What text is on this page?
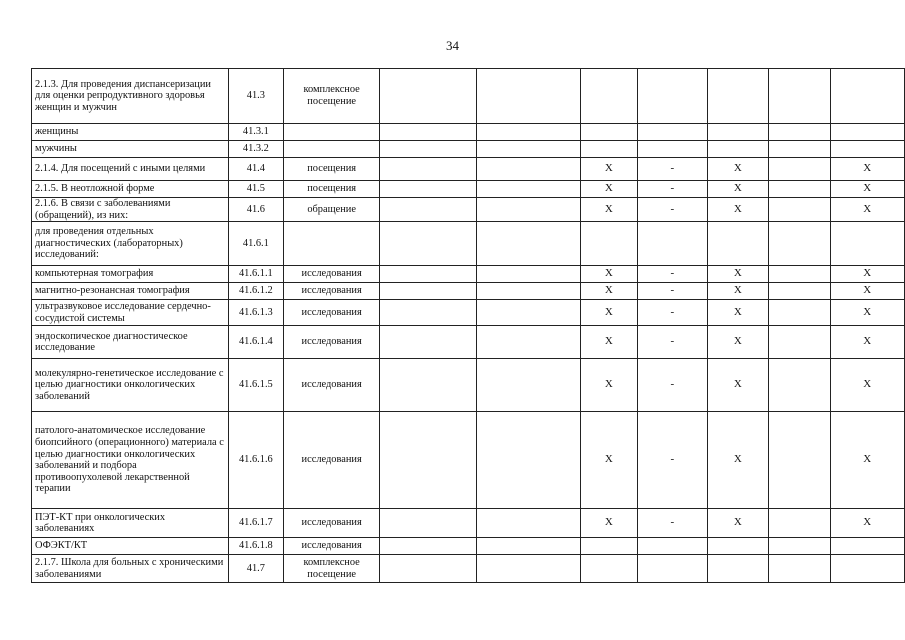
34
2.1.3. Для проведения диспансеризации для оценки репродуктивного здоровья женщин и мужчин	41.3	комплексное посещение							
женщины	41.3.1								
мужчины	41.3.2								
2.1.4. Для посещений с иными целями	41.4	посещения			X	-	X		X
2.1.5. В неотложной форме	41.5	посещения			X	-	X		X
2.1.6. В связи с заболеваниями (обращений), из них:	41.6	обращение			X	-	X		X
для проведения отдельных диагностических (лабораторных) исследований:	41.6.1								
компьютерная томография	41.6.1.1	исследования			X	-	X		X
магнитно-резонансная томография	41.6.1.2	исследования			X	-	X		X
ультразвуковое исследование сердечно-сосудистой системы	41.6.1.3	исследования			X	-	X		X
эндоскопическое диагностическое исследование	41.6.1.4	исследования			X	-	X		X
молекулярно-генетическое исследование с целью диагностики онкологических заболеваний	41.6.1.5	исследования			X	-	X		X
патолого-анатомическое исследование биопсийного (операционного) материала с целью диагностики онкологических заболеваний и подбора противоопухолевой лекарственной терапии	41.6.1.6	исследования			X	-	X		X
ПЭТ-КТ при онкологических заболеваниях	41.6.1.7	исследования			X	-	X		X
ОФЭКТ/КТ	41.6.1.8	исследования							
2.1.7. Школа для больных с хроническими заболеваниями	41.7	комплексное посещение							
